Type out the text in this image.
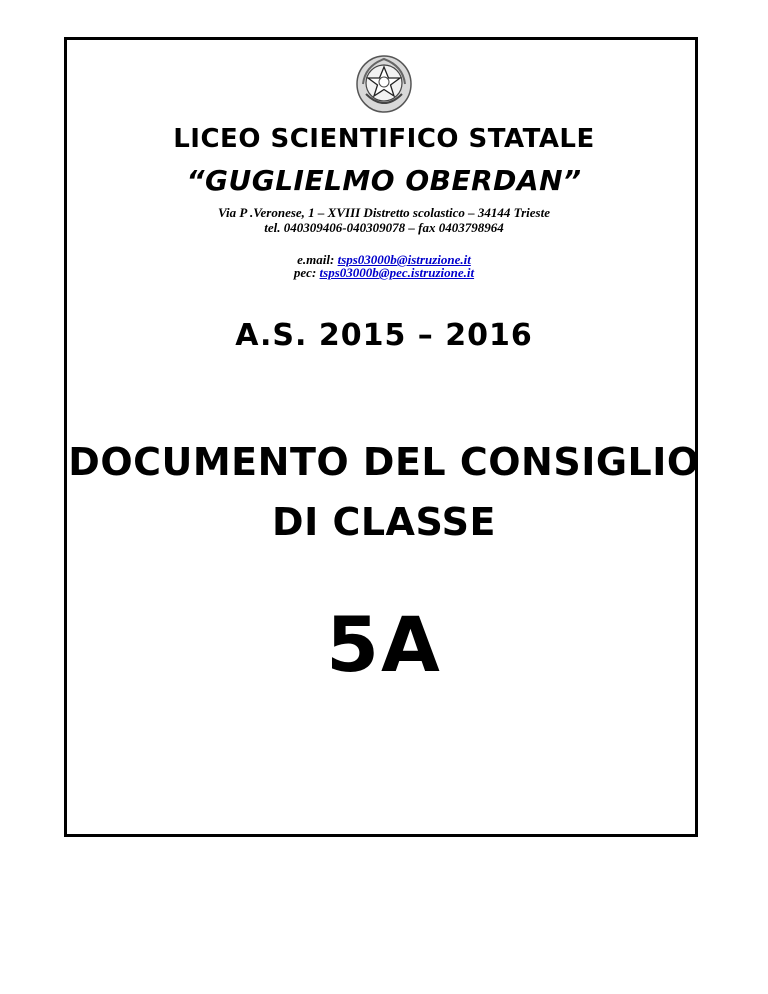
LICEO SCIENTIFICO STATALE
“GUGLIELMO OBERDAN”
Via P .Veronese, 1 – XVIII Distretto scolastico – 34144 Trieste
tel. 040309406-040309078 – fax 0403798964
e.mail: tsps03000b@istruzione.it
pec: tsps03000b@pec.istruzione.it
A.S. 2015 – 2016
DOCUMENTO DEL CONSIGLIO
DI CLASSE
5A
